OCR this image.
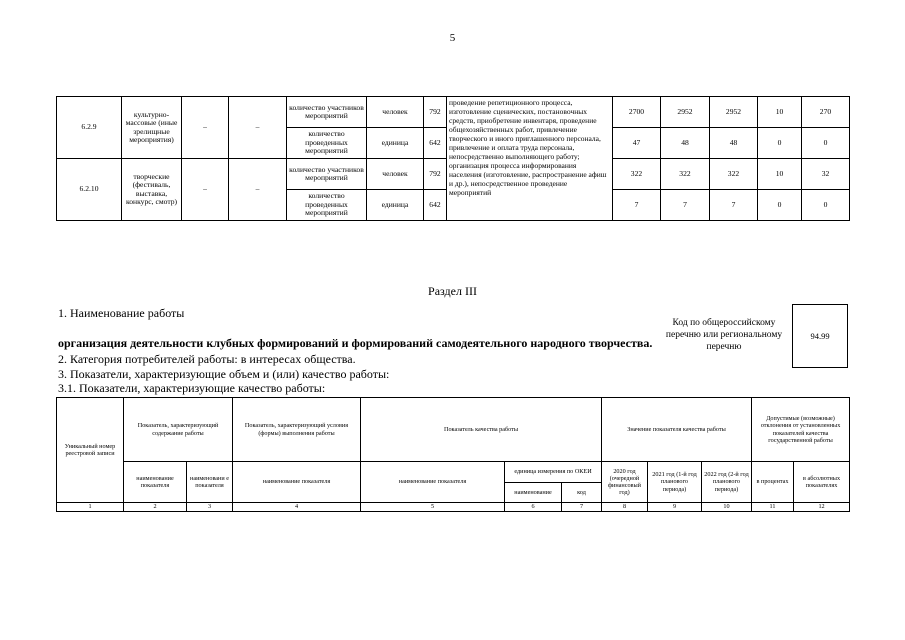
5
6.2.9	культурно-массовые (иные зрелищные мероприятия)	–	–	количество участников мероприятий	человек	792	проведение репетиционного процесса, изготовление сценических, постановочных средств, приобретение инвентаря, проведение общехозяйственных работ, привлечение творческого и иного приглашенного персонала, привлечение и оплата труда персонала, непосредственно выполняющего работу; организация процесса информирования населения (изготовление, распространение афиш и др.), непосредственное проведение мероприятий	2700	2952	2952	10	270
				количество проведенных мероприятий	единица	642		47	48	48	0	0
6.2.10	творческие (фестиваль, выставка, конкурс, смотр)	–	–	количество участников мероприятий	человек	792		322	322	322	10	32
				количество проведенных мероприятий	единица	642		7	7	7	0	0
Раздел III
1. Наименование работы
организация деятельности клубных формирований и формирований самодеятельного народного творчества.
2. Категория потребителей работы: в интересах общества.
3. Показатели, характеризующие объем и (или) качество работы:
3.1. Показатели, характеризующие качество работы:
Код по общероссийскому перечню или региональному перечню
94.99
Уникальный номер реестровой записи	Показатель, характеризующий содержание работы		Показатель, характеризующий условия (формы) выполнения работы	Показатель качества работы			Значение показателя качества работы			Допустимые (возможные) отклонения от установленных показателей качества государственной работы	
	наименование показателя	наименовани е показателя	наименование показателя	наименование показателя	единица измерения по ОКЕИ		2020 год (очередной финансовый год)	2021 год (1-й год планового периода)	2022 год (2-й год планового периода)	в процентах	в абсолютных показателях
					наименование	код					
1	2	3	4	5	6	7	8	9	10	11	12
